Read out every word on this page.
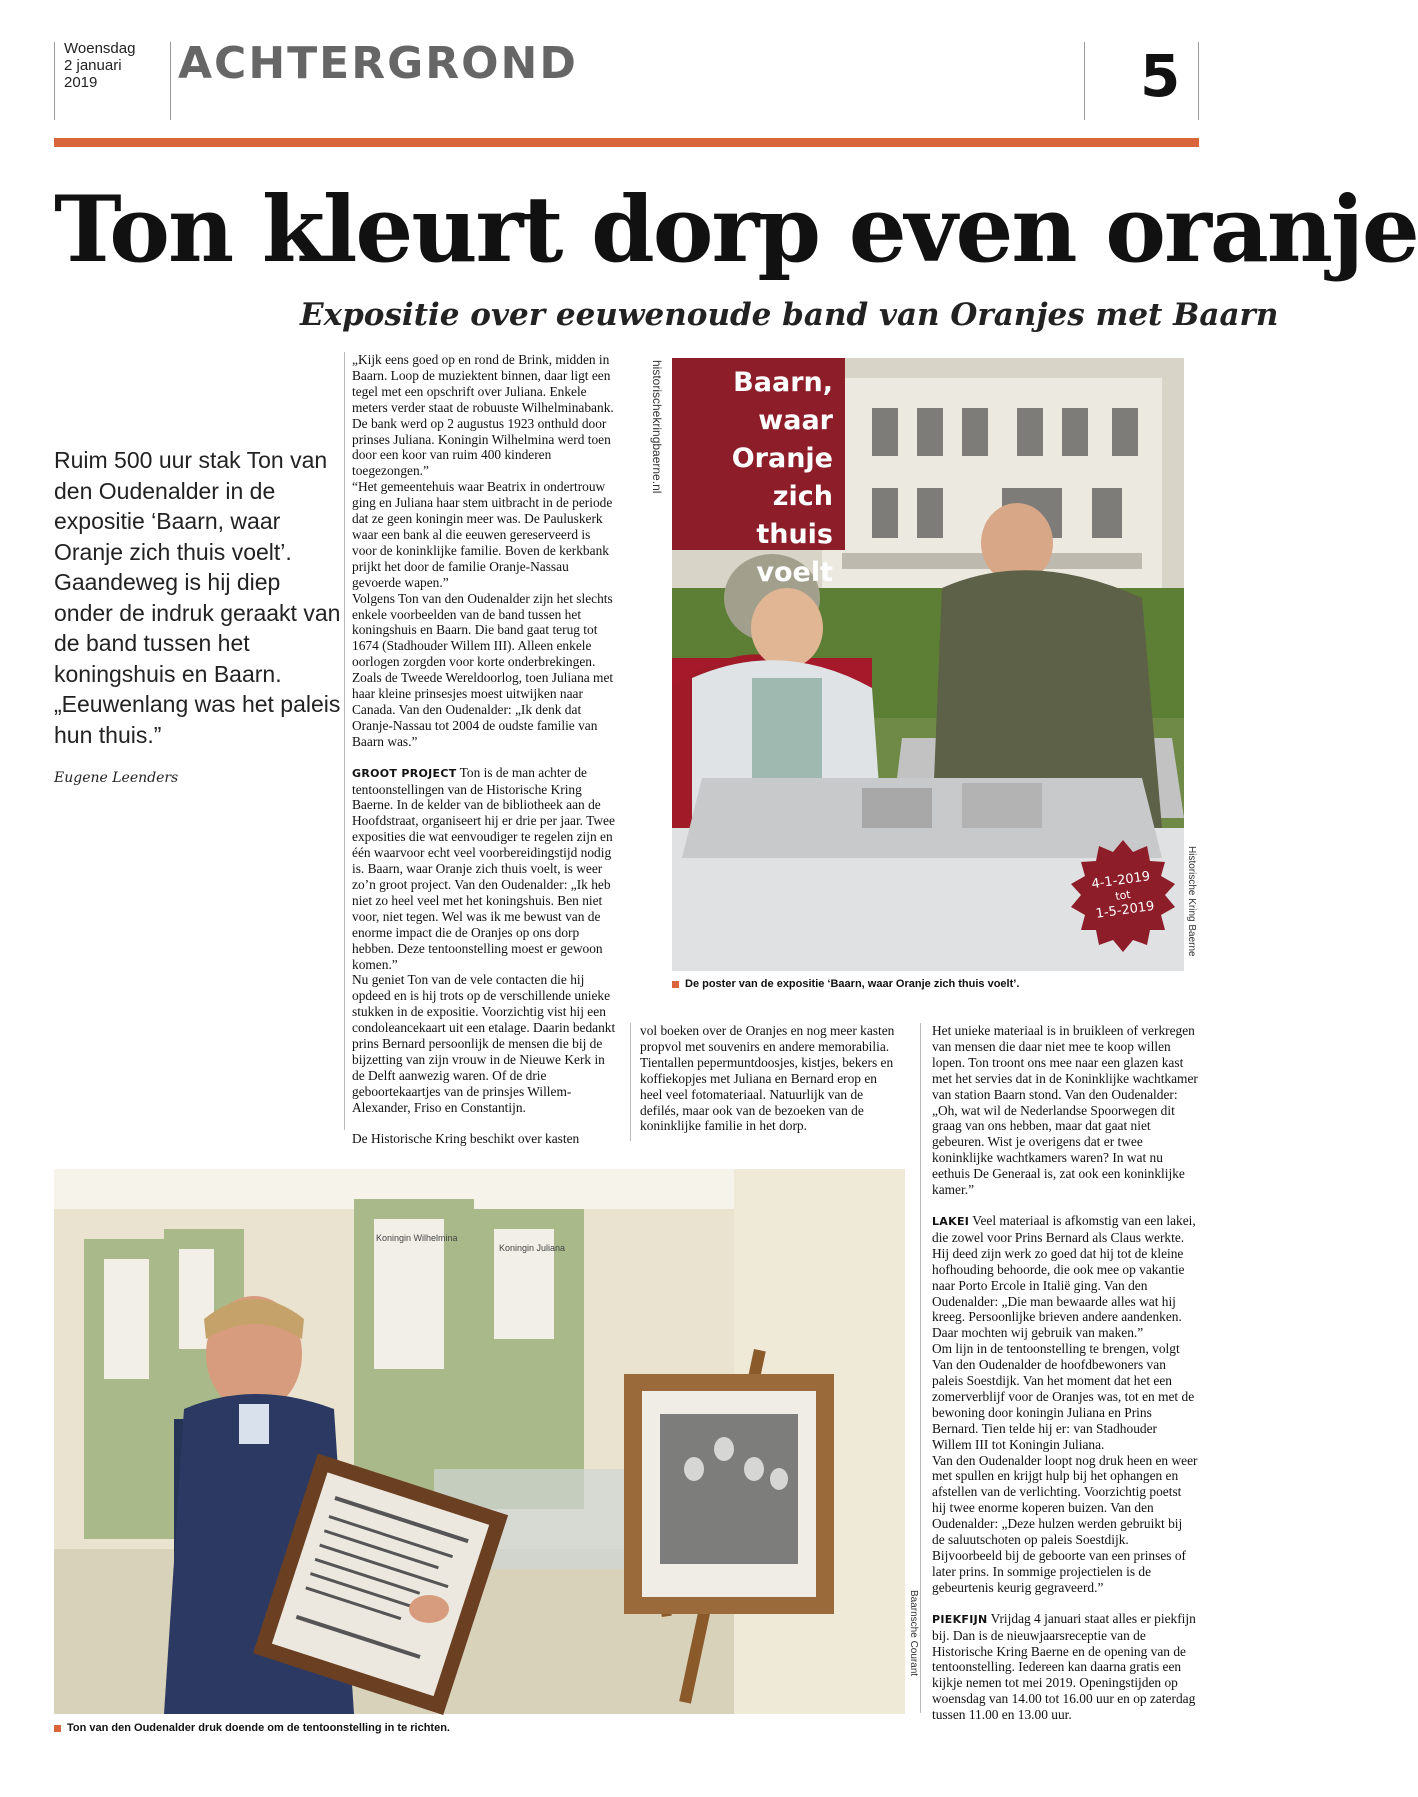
Woensdag
2 januari
2019	ACHTERGROND	5
Ton kleurt dorp even oranje
Expositie over eeuwenoude band van Oranjes met Baarn

Ruim 500 uur stak Ton van den Oudenalder in de expositie ‘Baarn, waar Oranje zich thuis voelt’. Gaandeweg is hij diep onder de indruk geraakt van de band tussen het koningshuis en Baarn. „Eeuwenlang was het paleis hun thuis.”

Eugene Leenders

„Kijk eens goed op en rond de Brink, midden in Baarn. Loop de muziektent binnen, daar ligt een tegel met een opschrift over Juliana. Enkele meters verder staat de robuuste Wilhelminabank. De bank werd op 2 augustus 1923 onthuld door prinses Juliana. Koningin Wilhelmina werd toen door een koor van ruim 400 kinderen toegezongen.”

“Het gemeentehuis waar Beatrix in ondertrouw ging en Juliana haar stem uitbracht in de periode dat ze geen koningin meer was. De Pauluskerk waar een bank al die eeuwen gereserveerd is voor de koninklijke familie. Boven de kerkbank prijkt het door de familie Oranje-Nassau gevoerde wapen.”

Volgens Ton van den Oudenalder zijn het slechts enkele voorbeelden van de band tussen het koningshuis en Baarn. Die band gaat terug tot 1674 (Stadhouder Willem III). Alleen enkele oorlogen zorgden voor korte onderbrekingen. Zoals de Tweede Wereldoorlog, toen Juliana met haar kleine prinsesjes moest uitwijken naar Canada. Van den Oudenalder: „Ik denk dat Oranje-Nassau tot 2004 de oudste familie van Baarn was.”

GROOT PROJECT Ton is de man achter de tentoonstellingen van de Historische Kring Baerne. In de kelder van de bibliotheek aan de Hoofdstraat, organiseert hij er drie per jaar. Twee exposities die wat eenvoudiger te regelen zijn en één waarvoor echt veel voorbereidingstijd nodig is. Baarn, waar Oranje zich thuis voelt, is weer zo’n groot project. Van den Oudenalder: „Ik heb niet zo heel veel met het koningshuis. Ben niet voor, niet tegen. Wel was ik me bewust van de enorme impact die de Oranjes op ons dorp hebben. Deze tentoonstelling moest er gewoon komen.”

Nu geniet Ton van de vele contacten die hij opdeed en is hij trots op de verschillende unieke stukken in de expositie. Voorzichtig vist hij een condoleancekaart uit een etalage. Daarin bedankt prins Bernard persoonlijk de mensen die bij de bijzetting van zijn vrouw in de Nieuwe Kerk in de Delft aanwezig waren. Of de drie geboortekaartjes van de prinsjes Willem-Alexander, Friso en Constantijn.

De Historische Kring beschikt over kasten

vol boeken over de Oranjes en nog meer kasten propvol met souvenirs en andere memorabilia. Tientallen pepermuntdoosjes, kistjes, bekers en koffiekopjes met Juliana en Bernard erop en heel veel fotomateriaal. Natuurlijk van de defilés, maar ook van de bezoeken van de koninklijke familie in het dorp.

Het unieke materiaal is in bruikleen of verkregen van mensen die daar niet mee te koop willen lopen. Ton troont ons mee naar een glazen kast met het servies dat in de Koninklijke wachtkamer van station Baarn stond. Van den Oudenalder: „Oh, wat wil de Nederlandse Spoorwegen dit graag van ons hebben, maar dat gaat niet gebeuren. Wist je overigens dat er twee koninklijke wachtkamers waren? In wat nu eethuis De Generaal is, zat ook een koninklijke kamer.”

LAKEI Veel materiaal is afkomstig van een lakei, die zowel voor Prins Bernard als Claus werkte. Hij deed zijn werk zo goed dat hij tot de kleine hofhouding behoorde, die ook mee op vakantie naar Porto Ercole in Italië ging. Van den Oudenalder: „Die man bewaarde alles wat hij kreeg. Persoonlijke brieven andere aandenken. Daar mochten wij gebruik van maken.”

Om lijn in de tentoonstelling te brengen, volgt Van den Oudenalder de hoofdbewoners van paleis Soestdijk. Van het moment dat het een zomerverblijf voor de Oranjes was, tot en met de bewoning door koningin Juliana en Prins Bernard. Tien telde hij er: van Stadhouder Willem III tot Koningin Juliana.

Van den Oudenalder loopt nog druk heen en weer met spullen en krijgt hulp bij het ophangen en afstellen van de verlichting. Voorzichtig poetst hij twee enorme koperen buizen. Van den Oudenalder: „Deze hulzen werden gebruikt bij de saluutschoten op paleis Soestdijk. Bijvoorbeeld bij de geboorte van een prinses of later prins. In sommige projectielen is de gebeurtenis keurig gegraveerd.”

PIEKFIJN Vrijdag 4 januari staat alles er piekfijn bij. Dan is de nieuwjaarsreceptie van de Historische Kring Baerne en de opening van de tentoonstelling. Iedereen kan daarna gratis een kijkje nemen tot mei 2019. Openingstijden op woensdag van 14.00 tot 16.00 uur en op zaterdag tussen 11.00 en 13.00 uur.

Baarn,
waar
Oranje
zich
thuis voelt
historischekringbaerne.nl
4-1-2019
tot
1-5-2019	Historische Kring Baerne
De poster van de expositie ‘Baarn, waar Oranje zich thuis voelt’.
Koningin Wilhelmina
Koningin Juliana
Baarnsche Courant
Ton van den Oudenalder druk doende om de tentoonstelling in te richten.
